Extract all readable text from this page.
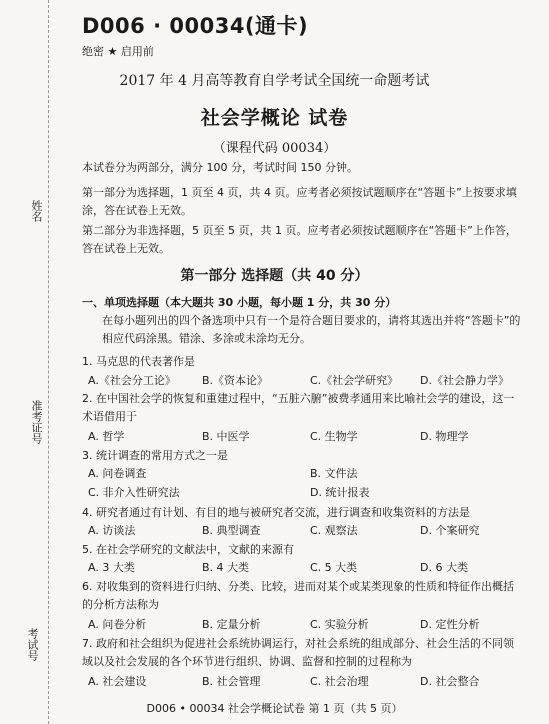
姓名
准考证号
考试号
D006 · 00034(通卡)
绝密 ★ 启用前
2017 年 4 月高等教育自学考试全国统一命题考试
社会学概论 试卷
（课程代码 00034）
本试卷分为两部分，满分 100 分，考试时间 150 分钟。
第一部分为选择题，1 页至 4 页，共 4 页。应考者必须按试题顺序在“答题卡”上按要求填涂，答在试卷上无效。
第二部分为非选择题，5 页至 5 页，共 1 页。应考者必须按试题顺序在“答题卡”上作答，答在试卷上无效。
第一部分 选择题（共 40 分）
一、单项选择题（本大题共 30 小题，每小题 1 分，共 30 分）
在每小题列出的四个备选项中只有一个是符合题目要求的，请将其选出并将“答题卡”的相应代码涂黑。错涂、多涂或未涂均无分。
1. 马克思的代表著作是
A.《社会分工论》 B.《资本论》	C.《社会学研究》 D.《社会静力学》
2. 在中国社会学的恢复和重建过程中，“五脏六腑”被费孝通用来比喻社会学的建设，这一术语借用于
A. 哲学	B. 中医学	C. 生物学	D. 物理学
3. 统计调查的常用方式之一是
A. 问卷调查	B. 文件法
C. 非介入性研究法	D. 统计报表
4. 研究者通过有计划、有目的地与被研究者交流，进行调查和收集资料的方法是
A. 访谈法	B. 典型调查	C. 观察法	D. 个案研究
5. 在社会学研究的文献法中，文献的来源有
A. 3 大类	B. 4 大类	C. 5 大类	D. 6 大类
6. 对收集到的资料进行归纳、分类、比较，进而对某个或某类现象的性质和特征作出概括的分析方法称为
A. 问卷分析	B. 定量分析	C. 实验分析	D. 定性分析
7. 政府和社会组织为促进社会系统协调运行，对社会系统的组成部分、社会生活的不同领域以及社会发展的各个环节进行组织、协调、监督和控制的过程称为
A. 社会建设	B. 社会管理	C. 社会治理	D. 社会整合
D006 • 00034 社会学概论试卷 第 1 页（共 5 页）
